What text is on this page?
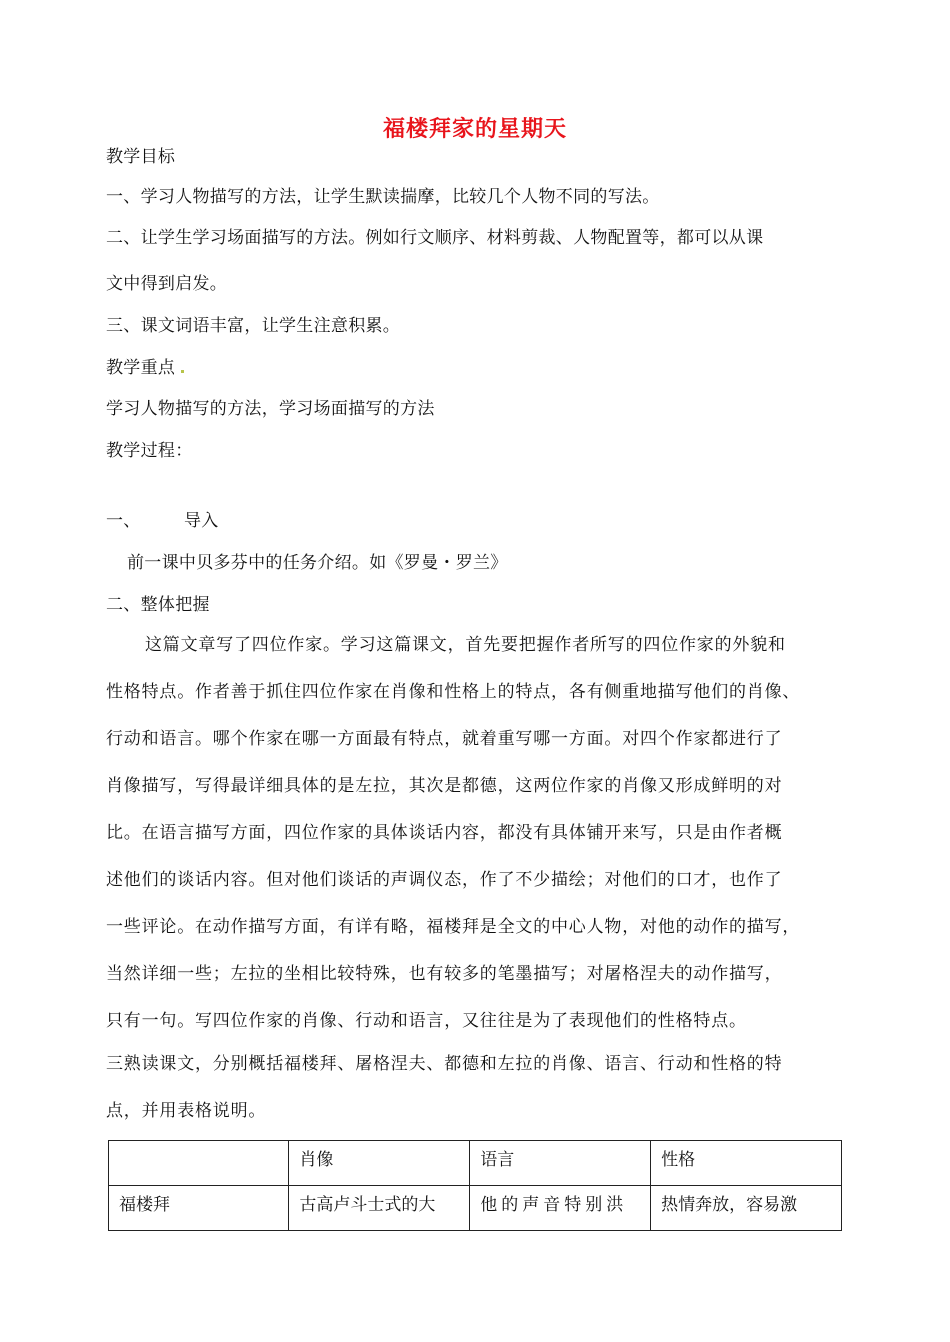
福楼拜家的星期天
教学目标
一、学习人物描写的方法，让学生默读揣摩，比较几个人物不同的写法。
二、让学生学习场面描写的方法。例如行文顺序、材料剪裁、人物配置等，都可以从课
文中得到启发。
三、课文词语丰富，让学生注意积累。
教学重点
学习人物描写的方法，学习场面描写的方法
教学过程：
一、	导入
前一课中贝多芬中的任务介绍。如《罗曼・罗兰》
二、整体把握
这篇文章写了四位作家。学习这篇课文，首先要把握作者所写的四位作家的外貌和
性格特点。作者善于抓住四位作家在肖像和性格上的特点，各有侧重地描写他们的肖像、
行动和语言。哪个作家在哪一方面最有特点，就着重写哪一方面。对四个作家都进行了
肖像描写，写得最详细具体的是左拉，其次是都德，这两位作家的肖像又形成鲜明的对
比。在语言描写方面，四位作家的具体谈话内容，都没有具体铺开来写，只是由作者概
述他们的谈话内容。但对他们谈话的声调仪态，作了不少描绘；对他们的口才，也作了
一些评论。在动作描写方面，有详有略，福楼拜是全文的中心人物，对他的动作的描写，
当然详细一些；左拉的坐相比较特殊，也有较多的笔墨描写；对屠格涅夫的动作描写，
只有一句。写四位作家的肖像、行动和语言，又往往是为了表现他们的性格特点。
三熟读课文，分别概括福楼拜、屠格涅夫、都德和左拉的肖像、语言、行动和性格的特
点，并用表格说明。
	肖像	语言	性格
福楼拜	古高卢斗士式的大	他的声音特别洪	热情奔放，容易激
